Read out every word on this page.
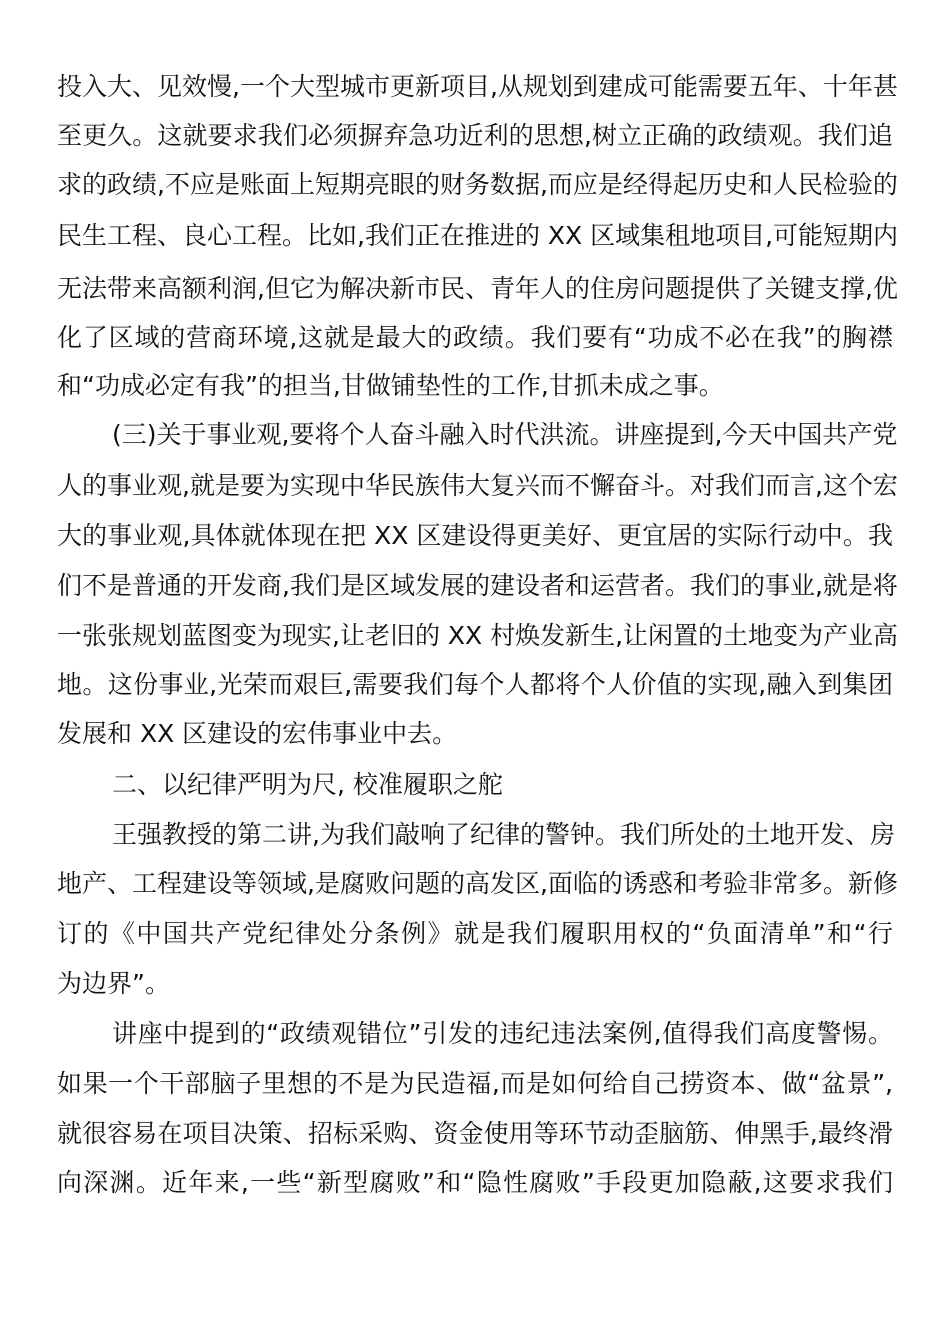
投入大、见效慢,一个大型城市更新项目,从规划到建成可能需要五年、十年甚
至更久。这就要求我们必须摒弃急功近利的思想,树立正确的政绩观。我们追
求的政绩,不应是账面上短期亮眼的财务数据,而应是经得起历史和人民检验的
民生工程、良心工程。比如,我们正在推进的 XX 区域集租地项目,可能短期内
无法带来高额利润,但它为解决新市民、青年人的住房问题提供了关键支撑,优
化了区域的营商环境,这就是最大的政绩。我们要有“功成不必在我”的胸襟
和“功成必定有我”的担当,甘做铺垫性的工作,甘抓未成之事。
(三)关于事业观,要将个人奋斗融入时代洪流。讲座提到,今天中国共产党
人的事业观,就是要为实现中华民族伟大复兴而不懈奋斗。对我们而言,这个宏
大的事业观,具体就体现在把 XX 区建设得更美好、更宜居的实际行动中。我
们不是普通的开发商,我们是区域发展的建设者和运营者。我们的事业,就是将
一张张规划蓝图变为现实,让老旧的 XX 村焕发新生,让闲置的土地变为产业高
地。这份事业,光荣而艰巨,需要我们每个人都将个人价值的实现,融入到集团
发展和 XX 区建设的宏伟事业中去。
二、以纪律严明为尺, 校准履职之舵
王强教授的第二讲,为我们敲响了纪律的警钟。我们所处的土地开发、房
地产、工程建设等领域,是腐败问题的高发区,面临的诱惑和考验非常多。新修
订的《中国共产党纪律处分条例》就是我们履职用权的“负面清单”和“行
为边界”。
讲座中提到的“政绩观错位”引发的违纪违法案例,值得我们高度警惕。
如果一个干部脑子里想的不是为民造福,而是如何给自己捞资本、做“盆景”,
就很容易在项目决策、招标采购、资金使用等环节动歪脑筋、伸黑手,最终滑
向深渊。近年来,一些“新型腐败”和“隐性腐败”手段更加隐蔽,这要求我们
